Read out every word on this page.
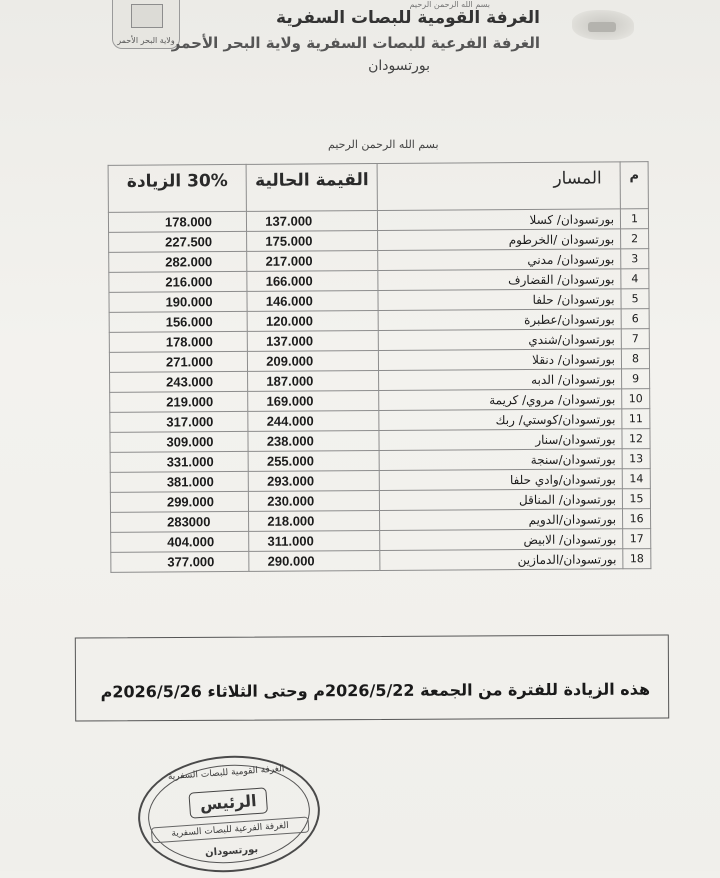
ولاية البحر الأحمر
بسم الله الرحمن الرحيم
الغرفة القومية للبصات السفرية
الغرفة الفرعية للبصات السفرية ولاية البحر الأحمر
بورتسودان
بسم الله الرحمن الرحيم
م	المسار	القيمة الحالية	30% الزيادة
1	بورتسودان/ كسلا	137.000	178.000
2	بورتسودان /الخرطوم	175.000	227.500
3	بورتسودان/ مدني	217.000	282.000
4	بورتسودان/ القضارف	166.000	216.000
5	بورتسودان/ حلفا	146.000	190.000
6	بورتسودان/عطبرة	120.000	156.000
7	بورتسودان/شندي	137.000	178.000
8	بورتسودان/ دنقلا	209.000	271.000
9	بورتسودان/ الدبه	187.000	243.000
10	بورتسودان/ مروي/ كريمة	169.000	219.000
11	بورتسودان/كوستي/ ربك	244.000	317.000
12	بورتسودان/سنار	238.000	309.000
13	بورتسودان/سنجة	255.000	331.000
14	بورتسودان/وادي حلفا	293.000	381.000
15	بورتسودان/ المناقل	230.000	299.000
16	بورتسودان/الدويم	218.000	283000
17	بورتسودان/ الابيض	311.000	404.000
18	بورتسودان/الدمازين	290.000	377.000
هذه الزيادة للفترة من الجمعة 2026/5/22م وحتى الثلاثاء 2026/5/26م
الغرفة القومية للبصات السفرية
الرئيس
الغرفة الفرعية للبصات السفرية
بورتسودان
